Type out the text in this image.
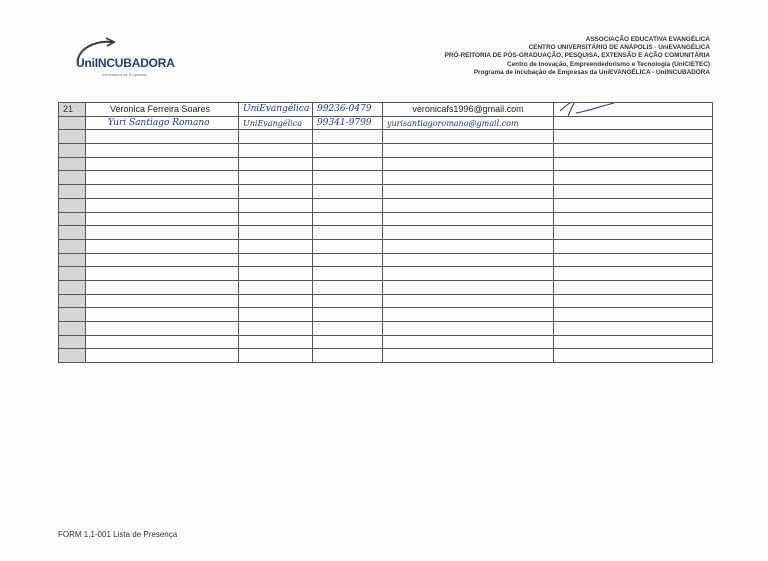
UniINCUBADORA
Incubadora de Empresas
ASSOCIAÇÃO EDUCATIVA EVANGÉLICA
CENTRO UNIVERSITÁRIO DE ANÁPOLIS - UniEVANGÉLICA
PRÓ-REITORIA DE PÓS-GRADUAÇÃO, PESQUISA, EXTENSÃO E AÇÃO COMUNITÁRIA
Centro de Inovação, Empreendedorismo e Tecnologia (UniCIETEC)
Programa de Incubação de Empresas da UniEVANGÉLICA - UniINCUBADORA
21	Veronica Ferreira Soares	UniEvangélica	99236-0479	veronicafs1996@gmail.com	

	Yuri Santiago Romano	UniEvangélica	99341-9799	yurisantiagoromano@gmail.com	

FORM 1.1-001 Lista de Presença
